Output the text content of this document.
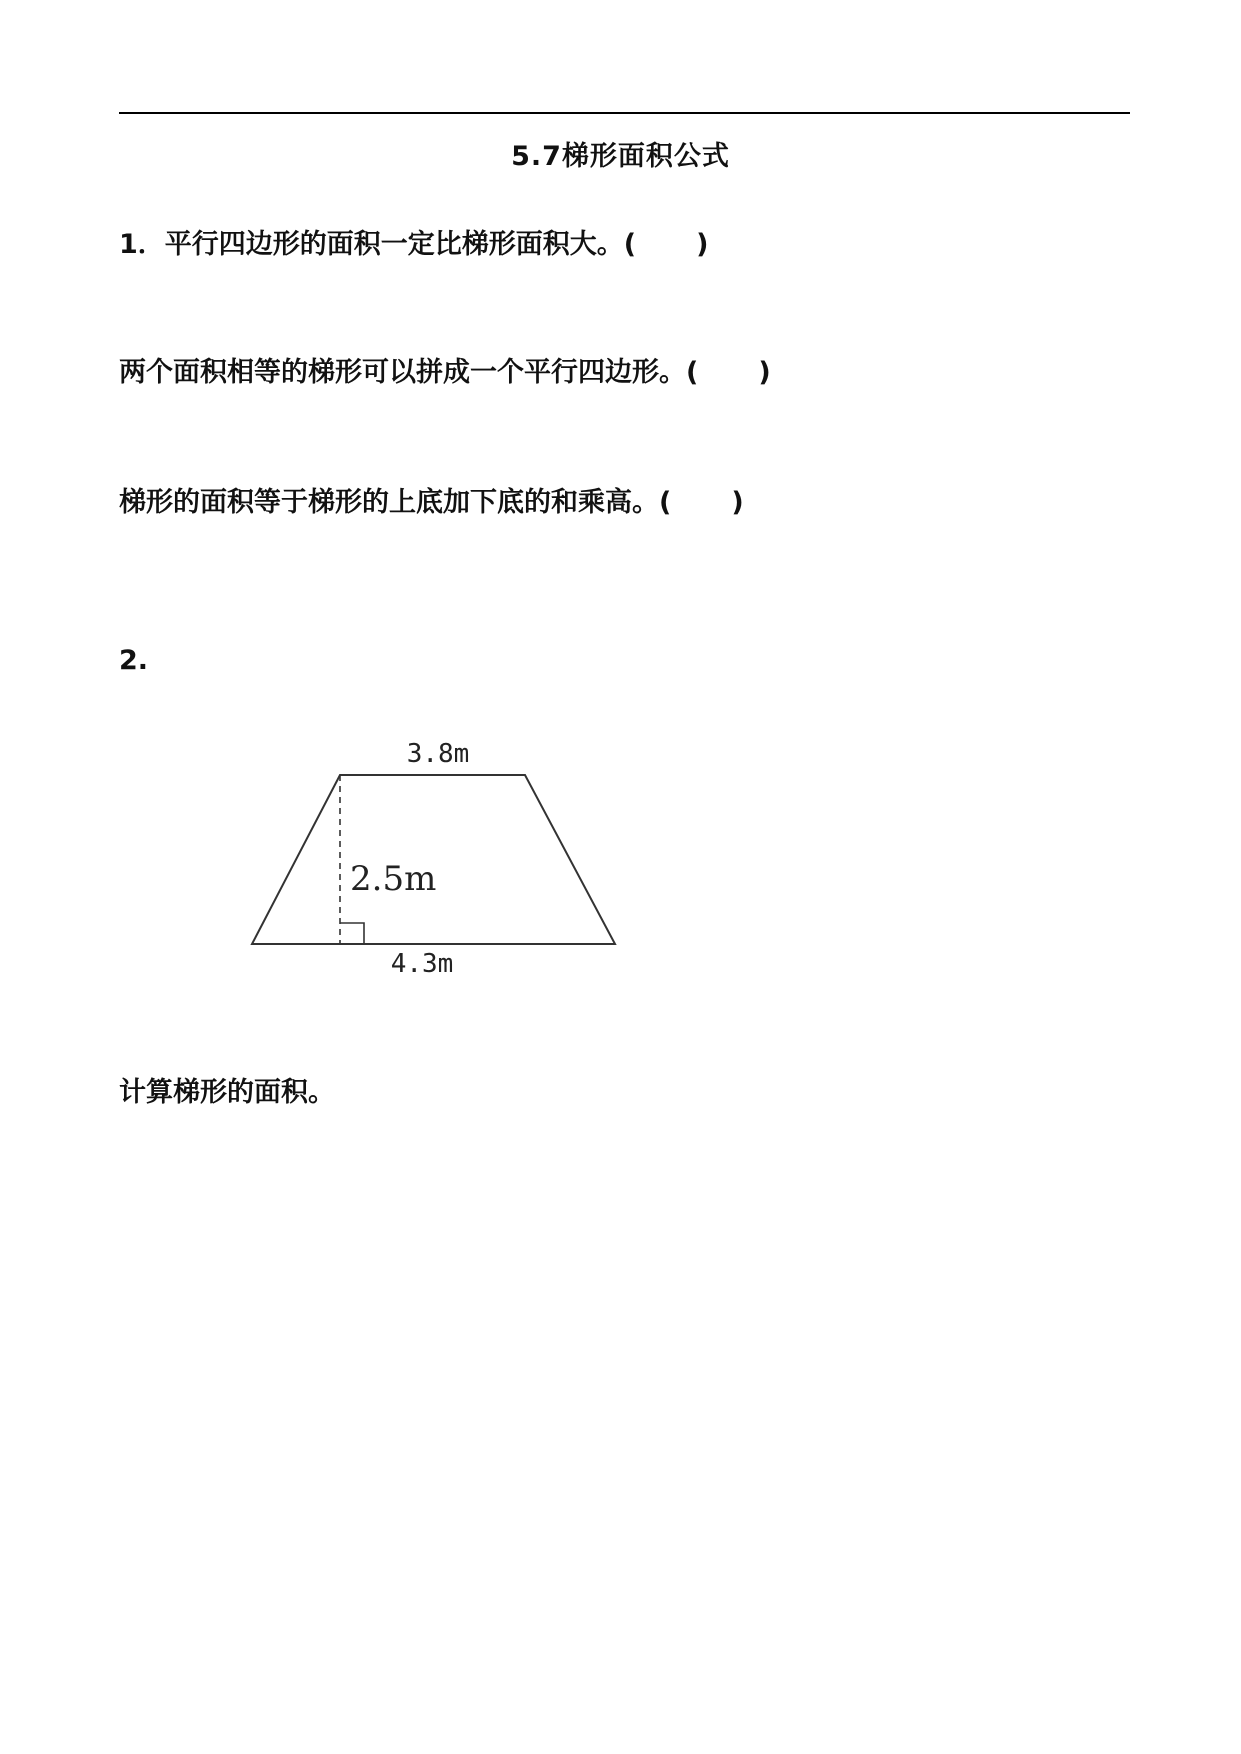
5.7梯形面积公式
1．平行四边形的面积一定比梯形面积大。( )
两个面积相等的梯形可以拼成一个平行四边形。( )
梯形的面积等于梯形的上底加下底的和乘高。( )
2.
3.8m
2.5m
4.3m
计算梯形的面积。
